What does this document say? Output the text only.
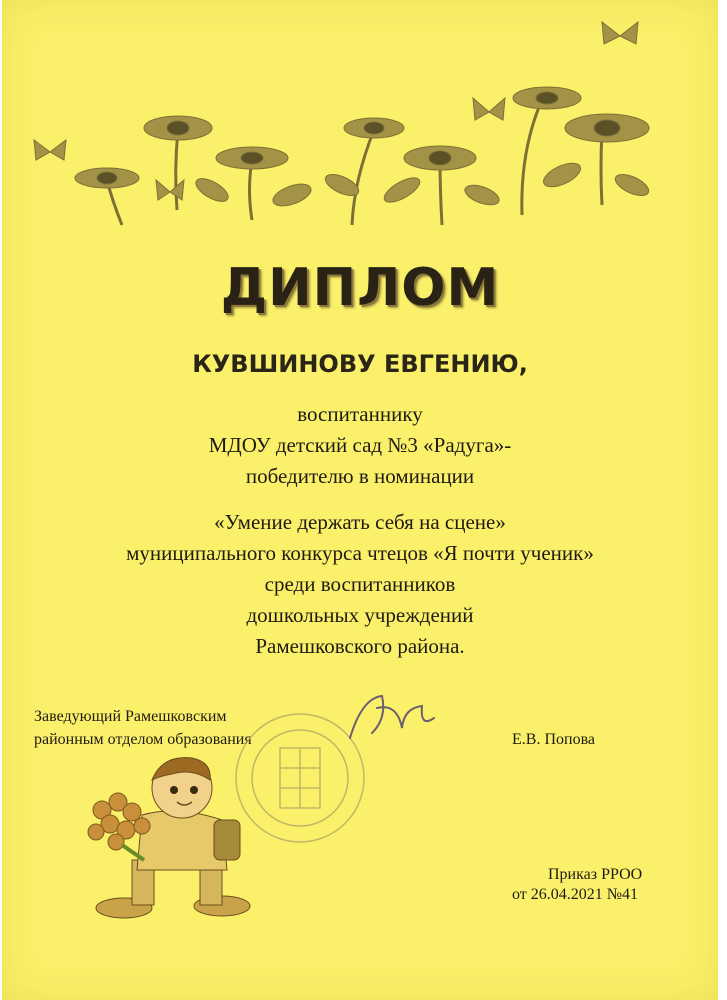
ДИПЛОМ
КУВШИНОВУ ЕВГЕНИЮ,
воспитаннику
МДОУ детский сад №3 «Радуга»-
победителю в номинации
«Умение держать себя на сцене»
муниципального конкурса чтецов «Я почти ученик»
среди воспитанников
дошкольных учреждений
Рамешковского района.
Заведующий Рамешковским
районным отделом образования	Е.В. Попова
Приказ РРОО
от 26.04.2021 №41
